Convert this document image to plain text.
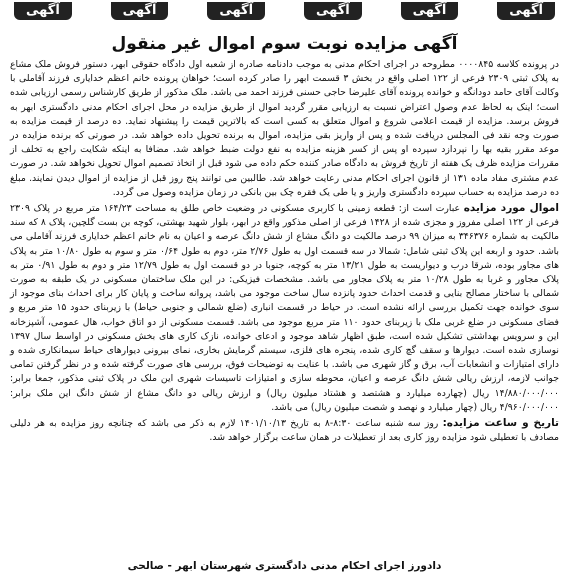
آگهی
آگهی
آگهی
آگهی
آگهی
آگهی
آگهی مزایده نوبت سوم اموال غیر منقول

در پرونده کلاسه ۰۰۰۰۸۴۵ مطروحه در اجرای احکام مدنی به موجب دادنامه صادره از شعبه اول دادگاه حقوقی ابهر، دستور فروش ملک مشاع به پلاک ثبتی ۲۳۰۹ فرعی از ۱۲۲ اصلی واقع در بخش ۳ قسمت ابهر را صادر کرده است؛ خواهان پرونده خانم اعظم خدایاری فرزند آقاملی با وکالت آقای حامد دودانگه و خوانده پرونده آقای علیرضا حاجی حسنی فرزند احمد می باشد. ملک مذکور از طریق کارشناس رسمی ارزیابی شده است؛ اینک به لحاظ عدم وصول اعتراض نسبت به ارزیابی مقرر گردید اموال از طریق مزایده در محل اجرای احکام مدنی دادگستری ابهر به فروش برسد. مزایده از قیمت اعلامی شروع و اموال متعلق به کسی است که بالاترین قیمت را پیشنهاد نماید. ده درصد از قیمت مزایده به صورت وجه نقد فی المجلس دریافت شده و پس از واریز بقی مزایده، اموال به برنده تحویل داده خواهد شد. در صورتی که برنده مزایده در موعد مقرر بقیه بها را نپردازد سپرده او پس از کسر هزینه مزایده به نفع دولت ضبط خواهد شد. مضافا به اینکه شکایت راجع به تخلف از مقررات مزایده ظرف یک هفته از تاریخ فروش به دادگاه صادر کننده حکم داده می شود قبل از اتخاذ تصمیم اموال تحویل نخواهد شد. در صورت عدم مشتری مفاد ماده ۱۳۱ از قانون اجرای احکام مدنی رعایت خواهد شد. طالبین می توانند پنج روز قبل از مزایده از اموال دیدن نمایند. مبلغ ده درصد مزایده به حساب سپرده دادگستری واریز و یا طی یک فقره چک بین بانکی در زمان مزایده وصول می گردد.

اموال مورد مزایده عبارت است از: قطعه زمینی با کاربری مسکونی در وضعیت خاص طلق به مساحت ۱۶۴/۲۳ متر مربع در پلاک ۲۳۰۹ فرعی از ۱۲۲ اصلی مفروز و مجزی شده از ۱۴۲۸ فرعی از اصلی مذکور واقع در ابهر، بلوار شهید بهشتی، کوچه بن بست گلچین، پلاک ۸ که سند مالکیت به شماره ۳۴۶۳۷۶ به میزان ۹۹ درصد مالکیت دو دانگ مشاع از شش دانگ عرصه و اعیان به نام خانم اعظم خدایاری فرزند آقاملی می باشد. حدود و اربعه این پلاک ثبتی شامل: شمالا در سه قسمت اول به طول ۲/۷۶ متر، دوم به طول ۰/۶۴ متر و سوم به طول ۱۰/۸۰ متر به پلاک های مجاور بوده، شرقا درب و دیواریست به طول ۱۳/۲۱ متر به کوچه، جنوبا در دو قسمت اول به طول ۱۲/۷۹ متر و دوم به طول ۰/۹۱ متر به پلاک مجاور و غربا به طول ۱۰/۲۸ متر به پلاک مجاور می باشد. مشخصات فیزیکی: در این ملک ساختمان مسکونی در یک طبقه به صورت شمالی با ساختار مصالح بنایی و قدمت احداث حدود پانزده سال ساخت موجود می باشد، پروانه ساخت و پایان کار برای احداث بنای موجود از سوی خوانده جهت تکمیل بررسی ارائه نشده است. در حیاط در قسمت انباری (ضلع شمالی و جنوبی حیاط) با زیربنای حدود ۱۵ متر مربع و فضای مسکونی در ضلع غربی ملک با زیربنای حدود ۱۱۰ متر مربع موجود می باشد. قسمت مسکونی از دو اتاق خواب، هال عمومی، آشپزخانه این و سرویس بهداشتی تشکیل شده است، طبق اظهار شاهد موجود و ادعای خوانده، نازک کاری های بخش مسکونی در اواسط سال ۱۳۹۷ نوسازی شده است. دیوارها و سقف گچ کاری شده، پنجره های فلزی، سیستم گرمایش بخاری، نمای بیرونی دیوارهای حیاط سیمانکاری شده و دارای امتیازات و انشعابات آب، برق و گاز شهری می باشد. با عنایت به توضیحات فوق، بررسی های صورت گرفته شده و در نظر گرفتن تمامی جوانب لازمه، ارزش ریالی شش دانگ عرصه و اعیان، محوطه سازی و امتیازات تاسیسات شهری این ملک در پلاک ثبتی مذکور، جمعا برابر: ۱۴/۸۸۰/۰۰۰/۰۰۰ ریال (چهارده میلیارد و هشتصد و هشتاد میلیون ریال) و ارزش ریالی دو دانگ مشاع از شش دانگ این ملک برابر: ۴/۹۶۰/۰۰۰/۰۰۰ ریال (چهار میلیارد و نهصد و شصت میلیون ریال) می باشد.

تاریخ و ساعت مزایده: روز سه شنبه ساعت ۸:۳۰-۸ به تاریخ ۱۴۰۱/۱۰/۱۳ لازم به ذکر می باشد که چنانچه روز مزایده به هر دلیلی مصادف با تعطیلی شود مزایده روز کاری بعد از تعطیلات در همان ساعت برگزار خواهد شد.

دادورز اجرای احکام مدنی دادگستری شهرستان ابهر - صالحی
